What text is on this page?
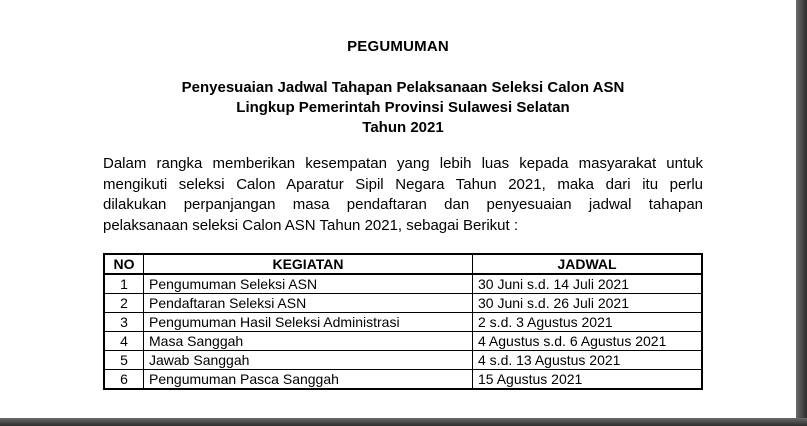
PEGUMUMAN
Penyesuaian Jadwal Tahapan Pelaksanaan Seleksi Calon ASN
Lingkup Pemerintah Provinsi Sulawesi Selatan
Tahun 2021
Dalam rangka memberikan kesempatan yang lebih luas kepada masyarakat untuk
mengikuti seleksi Calon Aparatur Sipil Negara Tahun 2021, maka dari itu perlu
dilakukan perpanjangan masa pendaftaran dan penyesuaian jadwal tahapan
pelaksanaan seleksi Calon ASN Tahun 2021, sebagai Berikut :
NO	KEGIATAN	JADWAL
1	Pengumuman Seleksi ASN	30 Juni s.d. 14 Juli 2021
2	Pendaftaran Seleksi ASN	30 Juni s.d. 26 Juli 2021
3	Pengumuman Hasil Seleksi Administrasi	2 s.d. 3 Agustus 2021
4	Masa Sanggah	4 Agustus s.d. 6 Agustus 2021
5	Jawab Sanggah	4 s.d. 13 Agustus 2021
6	Pengumuman Pasca Sanggah	15 Agustus 2021
